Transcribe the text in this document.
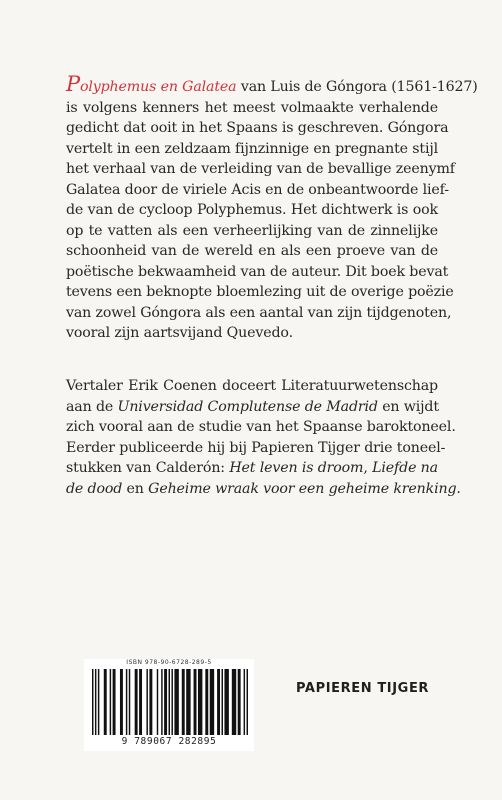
Polyphemus en Galatea van Luis de Góngora (1561-1627)
is volgens kenners het meest volmaakte verhalende
gedicht dat ooit in het Spaans is geschreven. Góngora
vertelt in een zeldzaam fijnzinnige en pregnante stijl
het verhaal van de verleiding van de bevallige zeenymf
Galatea door de viriele Acis en de onbeantwoorde lief-
de van de cycloop Polyphemus. Het dichtwerk is ook
op te vatten als een verheerlijking van de zinnelijke
schoonheid van de wereld en als een proeve van de
poëtische bekwaamheid van de auteur. Dit boek bevat
tevens een beknopte bloemlezing uit de overige poëzie
van zowel Góngora als een aantal van zijn tijdgenoten,
vooral zijn aartsvijand Quevedo.
Vertaler Erik Coenen doceert Literatuurwetenschap
aan de Universidad Complutense de Madrid en wijdt
zich vooral aan de studie van het Spaanse baroktoneel.
Eerder publiceerde hij bij Papieren Tijger drie toneel-
stukken van Calderón: Het leven is droom, Liefde na
de dood en Geheime wraak voor een geheime krenking.
ISBN 978-90-6728-289-5
9 789067 282895
PAPIEREN TIJGER
